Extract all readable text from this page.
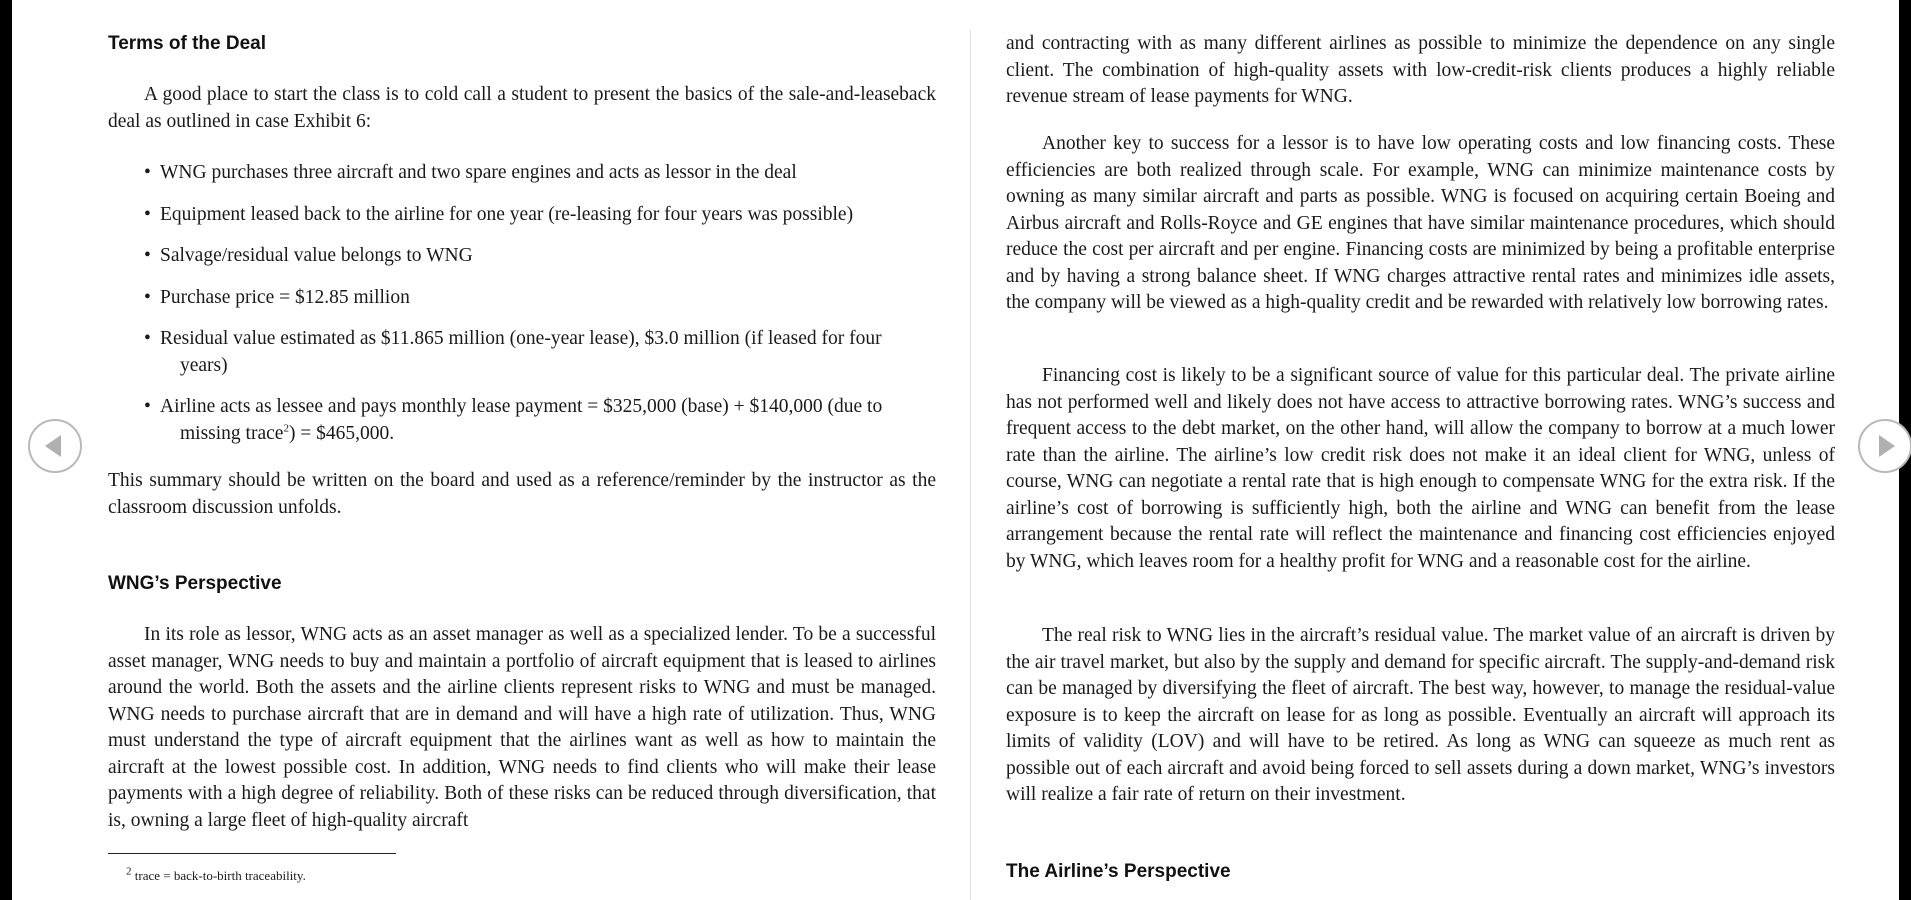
Terms of the Deal

A good place to start the class is to cold call a student to present the basics of the sale-and-leaseback deal as outlined in case Exhibit 6:

• WNG purchases three aircraft and two spare engines and acts as lessor in the deal
• Equipment leased back to the airline for one year (re-leasing for four years was possible)
• Salvage/residual value belongs to WNG
• Purchase price = $12.85 million
• Residual value estimated as $11.865 million (one-year lease), $3.0 million (if leased for four
years)
• Airline acts as lessee and pays monthly lease payment = $325,000 (base) + $140,000 (due to
missing trace$^2$) = $465,000.

This summary should be written on the board and used as a reference/reminder by the instructor as the classroom discussion unfolds.

WNG’s Perspective

In its role as lessor, WNG acts as an asset manager as well as a specialized lender. To be a successful asset manager, WNG needs to buy and maintain a portfolio of aircraft equipment that is leased to airlines around the world. Both the assets and the airline clients represent risks to WNG and must be managed. WNG needs to purchase aircraft that are in demand and will have a high rate of utilization. Thus, WNG must understand the type of aircraft equipment that the airlines want as well as how to maintain the aircraft at the lowest possible cost. In addition, WNG needs to find clients who will make their lease payments with a high degree of reliability. Both of these risks can be reduced through diversification, that is, owning a large fleet of high-quality aircraft

$^2$ trace = back-to-birth traceability.

and contracting with as many different airlines as possible to minimize the dependence on any single client. The combination of high-quality assets with low-credit-risk clients produces a highly reliable revenue stream of lease payments for WNG.

Another key to success for a lessor is to have low operating costs and low financing costs. These efficiencies are both realized through scale. For example, WNG can minimize maintenance costs by owning as many similar aircraft and parts as possible. WNG is focused on acquiring certain Boeing and Airbus aircraft and Rolls-Royce and GE engines that have similar maintenance procedures, which should reduce the cost per aircraft and per engine. Financing costs are minimized by being a profitable enterprise and by having a strong balance sheet. If WNG charges attractive rental rates and minimizes idle assets, the company will be viewed as a high-quality credit and be rewarded with relatively low borrowing rates.

Financing cost is likely to be a significant source of value for this particular deal. The private airline has not performed well and likely does not have access to attractive borrowing rates. WNG’s success and frequent access to the debt market, on the other hand, will allow the company to borrow at a much lower rate than the airline. The airline’s low credit risk does not make it an ideal client for WNG, unless of course, WNG can negotiate a rental rate that is high enough to compensate WNG for the extra risk. If the airline’s cost of borrowing is sufficiently high, both the airline and WNG can benefit from the lease arrangement because the rental rate will reflect the maintenance and financing cost efficiencies enjoyed by WNG, which leaves room for a healthy profit for WNG and a reasonable cost for the airline.

The real risk to WNG lies in the aircraft’s residual value. The market value of an aircraft is driven by the air travel market, but also by the supply and demand for specific aircraft. The supply-and-demand risk can be managed by diversifying the fleet of aircraft. The best way, however, to manage the residual-value exposure is to keep the aircraft on lease for as long as possible. Eventually an aircraft will approach its limits of validity (LOV) and will have to be retired. As long as WNG can squeeze as much rent as possible out of each aircraft and avoid being forced to sell assets during a down market, WNG’s investors will realize a fair rate of return on their investment.

The Airline’s Perspective
